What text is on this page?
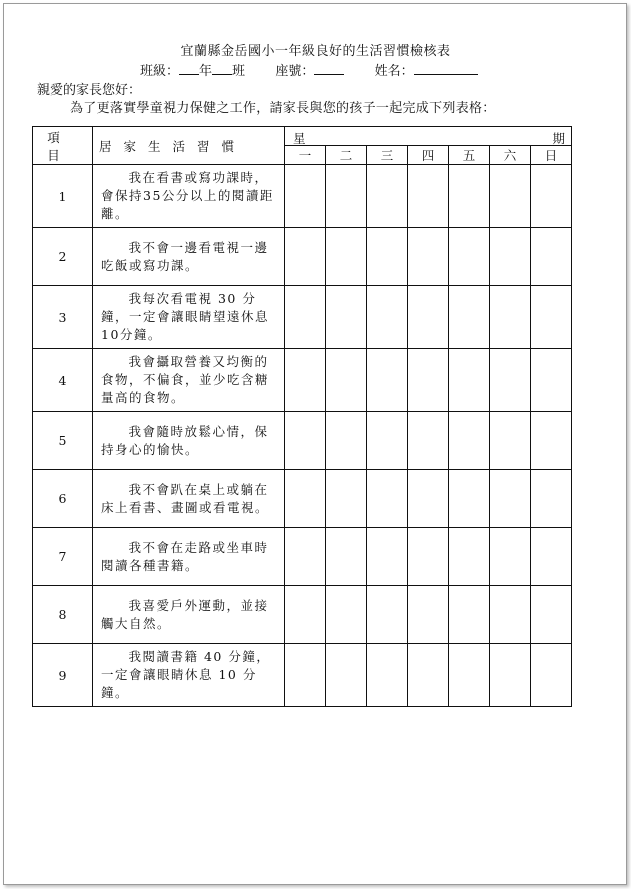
宜蘭縣金岳國小一年級良好的生活習慣檢核表
班級： 年 班 座號：	姓名：
親愛的家長您好：
為了更落實學童視力保健之工作，請家長與您的孩子一起完成下列表格：
項目	居家生活習慣	星 期						

		一	二	三	四	五	六	日
1	我在看書或寫功課時，會保持35公分以上的閱讀距離。							

2	我不會一邊看電視一邊吃飯或寫功課。							

3	我每次看電視 30 分鐘，一定會讓眼睛望遠休息10分鐘。							

4	我會攝取營養又均衡的食物，不偏食，並少吃含糖量高的食物。							

5	我會隨時放鬆心情，保持身心的愉快。							

6	我不會趴在桌上或躺在床上看書、畫圖或看電視。							

7	我不會在走路或坐車時閱讀各種書籍。							

8	我喜愛戶外運動，並接觸大自然。							

9	我閱讀書籍 40 分鐘，一定會讓眼睛休息 10 分鐘。							
